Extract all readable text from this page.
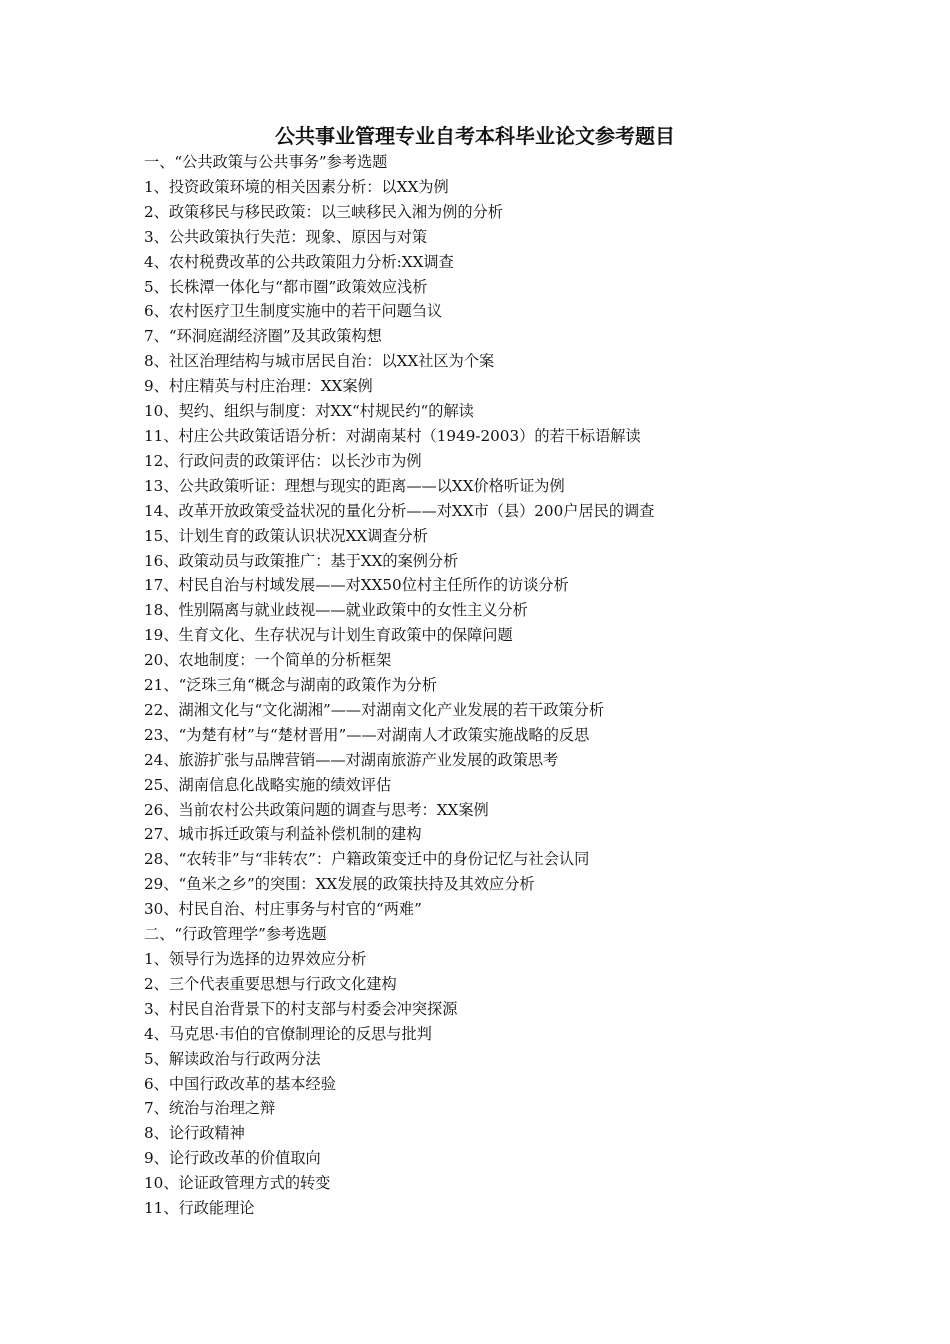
公共事业管理专业自考本科毕业论文参考题目
一、“公共政策与公共事务”参考选题
1、投资政策环境的相关因素分析：以XX为例
2、政策移民与移民政策：以三峡移民入湘为例的分析
3、公共政策执行失范：现象、原因与对策
4、农村税费改革的公共政策阻力分析:XX调查
5、长株潭一体化与“都市圈”政策效应浅析
6、农村医疗卫生制度实施中的若干问题刍议
7、“环洞庭湖经济圈”及其政策构想
8、社区治理结构与城市居民自治：以XX社区为个案
9、村庄精英与村庄治理：XX案例
10、契约、组织与制度：对XX“村规民约“的解读
11、村庄公共政策话语分析：对湖南某村（1949-2003）的若干标语解读
12、行政问责的政策评估：以长沙市为例
13、公共政策听证：理想与现实的距离——以XX价格听证为例
14、改革开放政策受益状况的量化分析——对XX市（县）200户居民的调查
15、计划生育的政策认识状况XX调查分析
16、政策动员与政策推广：基于XX的案例分析
17、村民自治与村域发展——对XX50位村主任所作的访谈分析
18、性别隔离与就业歧视——就业政策中的女性主义分析
19、生育文化、生存状况与计划生育政策中的保障问题
20、农地制度：一个简单的分析框架
21、“泛珠三角“概念与湖南的政策作为分析
22、湖湘文化与“文化湖湘”——对湖南文化产业发展的若干政策分析
23、“为楚有材”与“楚材晋用”——对湖南人才政策实施战略的反思
24、旅游扩张与品牌营销——对湖南旅游产业发展的政策思考
25、湖南信息化战略实施的绩效评估
26、当前农村公共政策问题的调查与思考：XX案例
27、城市拆迁政策与利益补偿机制的建构
28、“农转非”与“非转农”：户籍政策变迁中的身份记忆与社会认同
29、“鱼米之乡”的突围：XX发展的政策扶持及其效应分析
30、村民自治、村庄事务与村官的“两难”
二、“行政管理学”参考选题
1、领导行为选择的边界效应分析
2、三个代表重要思想与行政文化建构
3、村民自治背景下的村支部与村委会冲突探源
4、马克思·韦伯的官僚制理论的反思与批判
5、解读政治与行政两分法
6、中国行政改革的基本经验
7、统治与治理之辩
8、论行政精神
9、论行政改革的价值取向
10、论证政管理方式的转变
11、行政能理论
